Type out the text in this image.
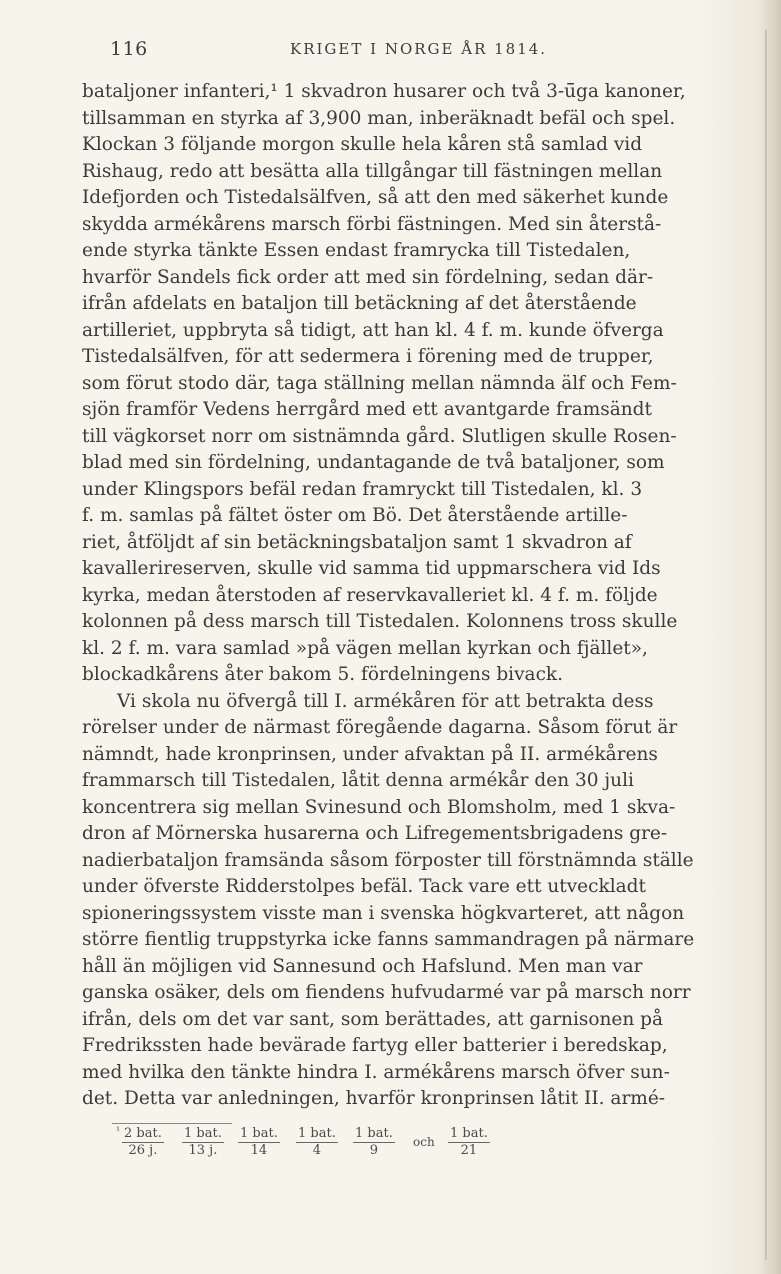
116	KRIGET I NORGE ÅR 1814.
bataljoner infanteri,¹ 1 skvadron husarer och två 3-ū̄ga kanoner,
tillsamman en styrka af 3,900 man, inberäknadt befäl och spel.
Klockan 3 följande morgon skulle hela kåren stå samlad vid
Rishaug, redo att besätta alla tillgångar till fästningen mellan
Idefjorden och Tistedalsälfven, så att den med säkerhet kunde
skydda armékårens marsch förbi fästningen. Med sin återstå-
ende styrka tänkte Essen endast framrycka till Tistedalen,
hvarför Sandels fick order att med sin fördelning, sedan där-
ifrån afdelats en bataljon till betäckning af det återstående
artilleriet, uppbryta så tidigt, att han kl. 4 f. m. kunde öfverga
Tistedalsälfven, för att sedermera i förening med de trupper,
som förut stodo där, taga ställning mellan nämnda älf och Fem-
sjön framför Vedens herrgård med ett avantgarde framsändt
till vägkorset norr om sistnämnda gård. Slutligen skulle Rosen-
blad med sin fördelning, undantagande de två bataljoner, som
under Klingspors befäl redan framryckt till Tistedalen, kl. 3
f. m. samlas på fältet öster om Bö. Det återstående artille-
riet, åtföljdt af sin betäckningsbataljon samt 1 skvadron af
kavallerireserven, skulle vid samma tid uppmarschera vid Ids
kyrka, medan återstoden af reservkavalleriet kl. 4 f. m. följde
kolonnen på dess marsch till Tistedalen. Kolonnens tross skulle
kl. 2 f. m. vara samlad »på vägen mellan kyrkan och fjället»,
blockadkårens åter bakom 5. fördelningens bivack.
Vi skola nu öfvergå till I. armékåren för att betrakta dess
rörelser under de närmast föregående dagarna. Såsom förut är
nämndt, hade kronprinsen, under afvaktan på II. armékårens
frammarsch till Tistedalen, låtit denna armékår den 30 juli
koncentrera sig mellan Svinesund och Blomsholm, med 1 skva-
dron af Mörnerska husarerna och Lifregementsbrigadens gre-
nadierbataljon framsända såsom förposter till förstnämnda ställe
under öfverste Ridderstolpes befäl. Tack vare ett utveckladt
spioneringssystem visste man i svenska högkvarteret, att någon
större fientlig truppstyrka icke fanns sammandragen på närmare
håll än möjligen vid Sannesund och Hafslund. Men man var
ganska osäker, dels om fiendens hufvudarmé var på marsch norr
ifrån, dels om det var sant, som berättades, att garnisonen på
Fredrikssten hade bevärade fartyg eller batterier i beredskap,
med hvilka den tänkte hindra I. armékårens marsch öfver sun-
det. Detta var anledningen, hvarför kronprinsen låtit II. armé-
¹ 2 bat.
26 j.
1 bat.
13 j.
1 bat.
14
1 bat.
4
1 bat.
9
1 bat.
21
och
